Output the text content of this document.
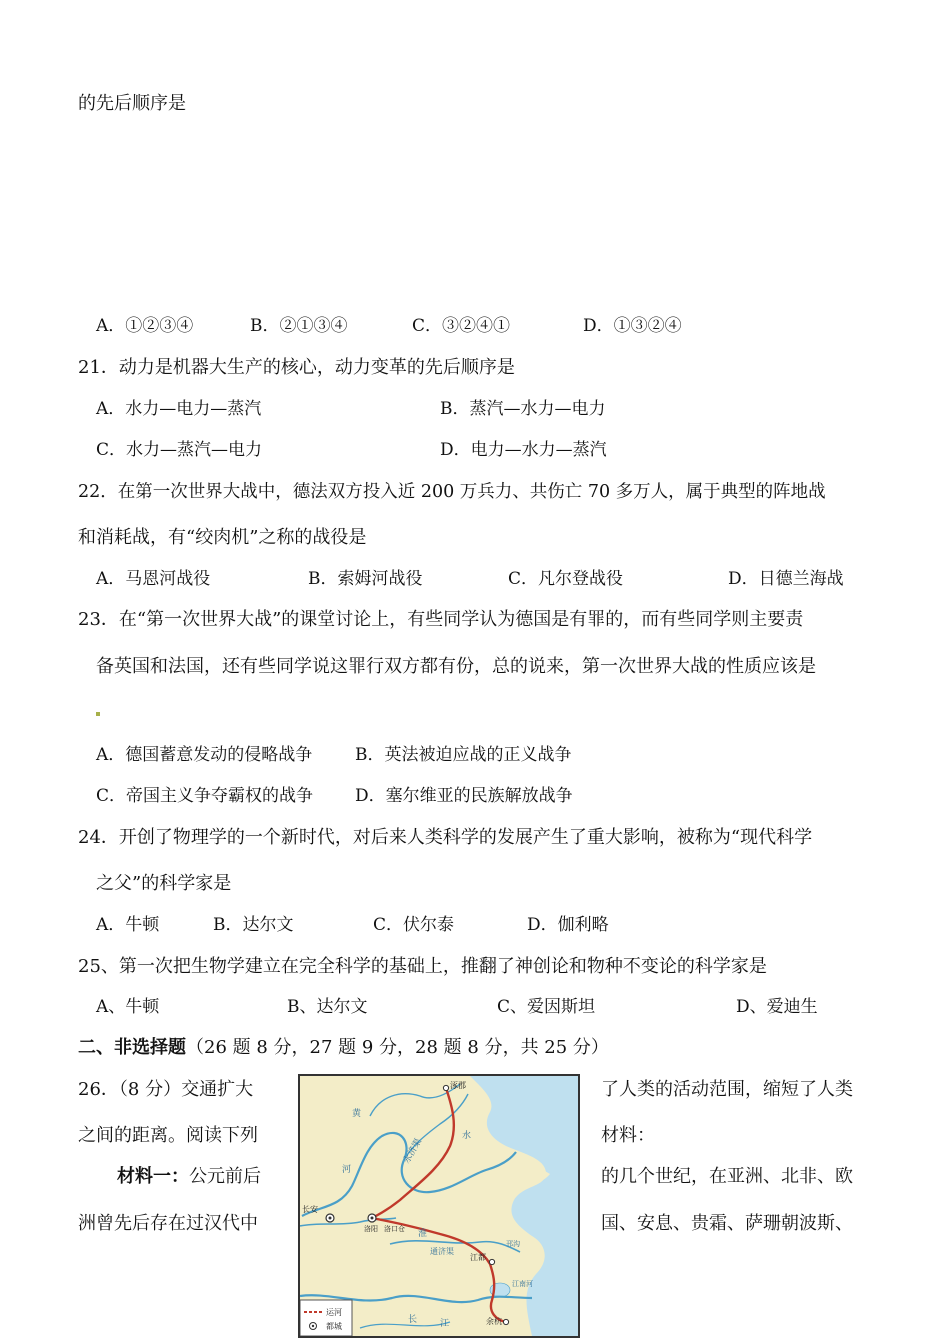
的先后顺序是
A．①②③④	B．②①③④	C．③②④①	D．①③②④
21．动力是机器大生产的核心，动力变革的先后顺序是
A．水力—电力—蒸汽	B．蒸汽—水力—电力
C．水力—蒸汽—电力	D．电力—水力—蒸汽
22．在第一次世界大战中，德法双方投入近 200 万兵力、共伤亡 70 多万人，属于典型的阵地战
和消耗战，有“绞肉机”之称的战役是
A．马恩河战役	B．索姆河战役	C．凡尔登战役	D．日德兰海战
23．在“第一次世界大战”的课堂讨论上，有些同学认为德国是有罪的，而有些同学则主要责
备英国和法国，还有些同学说这罪行双方都有份，总的说来，第一次世界大战的性质应该是
A．德国蓄意发动的侵略战争	B．英法被迫应战的正义战争
C．帝国主义争夺霸权的战争 D．塞尔维亚的民族解放战争
24．开创了物理学的一个新时代，对后来人类科学的发展产生了重大影响，被称为“现代科学
之父”的科学家是
A．牛顿	B．达尔文	C．伏尔泰	D．伽利略
25、第一次把生物学建立在完全科学的基础上，推翻了神创论和物种不变论的科学家是
A、牛顿	B、达尔文	C、爱因斯坦	D、爱迪生
二、非选择题（26 题 8 分，27 题 9 分，28 题 8 分，共 25 分）
26．（8 分）交通扩大
之间的距离。阅读下列
材料一：公元前后
洲曾先后存在过汉代中
了人类的活动范围，缩短了人类
材料：
的几个世纪，在亚洲、北非、欧
国、安息、贵霜、萨珊朝波斯、
涿郡
长安
洛阳 洛口仓
江都
余杭
黄
河
永济渠
水
通济渠
邗沟
江南河
长	江
淮
运河
都城
